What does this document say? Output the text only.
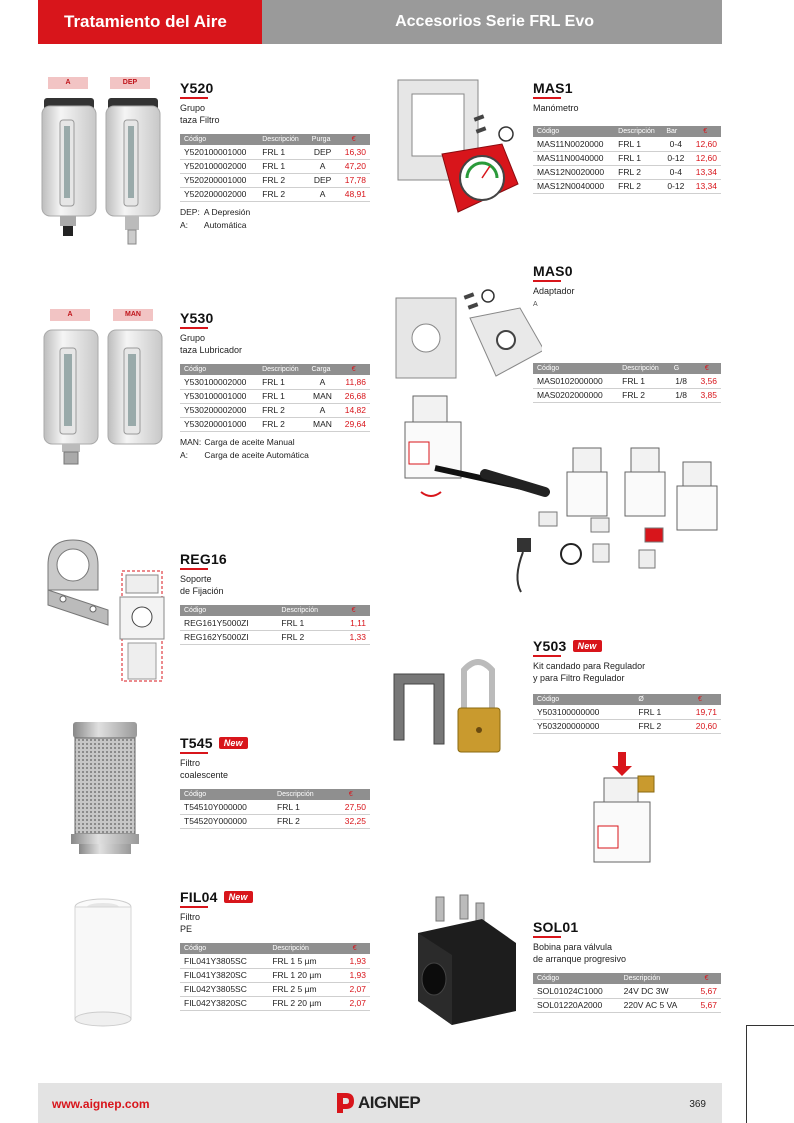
Tratamiento del Aire	Accesorios Serie FRL Evo
A	DEP	Y520
Grupo
taza Filtro
Código	Descripción	Purga	€
Y520100001000	FRL 1	DEP	16,30
Y520100002000	FRL 1	A	47,20
Y520200001000	FRL 2	DEP	17,78
Y520200002000	FRL 2	A	48,91
DEP: A Depresión
A: Automática
A	MAN	Y530
Grupo
taza Lubricador
Código	Descripción	Carga	€
Y530100002000	FRL 1	A	11,86
Y530100001000	FRL 1	MAN	26,68
Y530200002000	FRL 2	A	14,82
Y530200001000	FRL 2	MAN	29,64
MAN: Carga de aceite Manual
A: Carga de aceite Automática
REG16
Soporte
de Fijación
Código	Descripción	€
REG161Y5000ZI	FRL 1	1,11
REG162Y5000ZI	FRL 2	1,33
T545	New
Filtro
coalescente
Código	Descripción	€
T54510Y000000	FRL 1	27,50
T54520Y000000	FRL 2	32,25
FIL04	New
Filtro
PE
Código	Descripción	€
FIL041Y3805SC	FRL 1 5 µm	1,93
FIL041Y3820SC	FRL 1 20 µm	1,93
FIL042Y3805SC	FRL 2 5 µm	2,07
FIL042Y3820SC	FRL 2 20 µm	2,07
MAS1
Manómetro
Código	Descripción	Bar	€
MAS11N0020000	FRL 1	0-4	12,60
MAS11N0040000	FRL 1	0-12	12,60
MAS12N0020000	FRL 2	0-4	13,34
MAS12N0040000	FRL 2	0-12	13,34
MAS0
Adaptador
A
Código	Descripción	G	€
MAS0102000000	FRL 1	1/8	3,56
MAS0202000000	FRL 2	1/8	3,85
Y503	New
Kit candado para Regulador
y para Filtro Regulador
Código	Ø	€
Y503100000000	FRL 1	19,71
Y503200000000	FRL 2	20,60
SOL01
Bobina para válvula
de arranque progresivo
Código	Descripción	€
SOL01024C1000	24V DC 3W	5,67
SOL01220A2000	220V AC 5 VA	5,67
www.aignep.com	AIGNEP	369
